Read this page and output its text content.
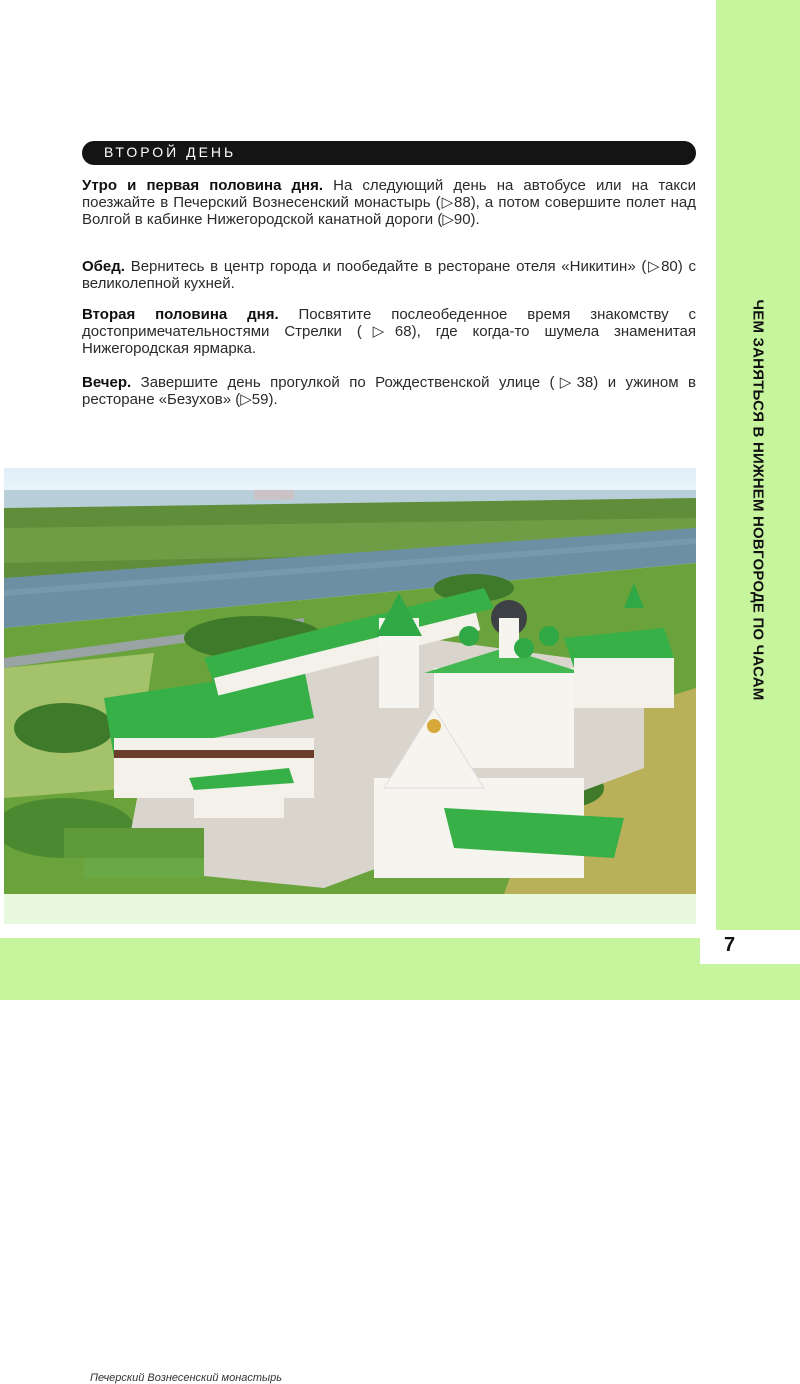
ЧЕМ ЗАНЯТЬСЯ В НИЖНЕМ НОВГОРОДЕ ПО ЧАСАМ
7
ВТОРОЙ ДЕНЬ
Утро и первая половина дня. На следующий день на автобусе или на такси поезжайте в Печерский Вознесенский монастырь (▷88), а потом совершите полет над Волгой в кабинке Нижегородской канатной дороги (▷90).
Обед. Вернитесь в центр города и пообедайте в ресторане отеля «Никитин» (▷80) с великолепной кухней.
Вторая половина дня. Посвятите послеобеденное время знакомству с достопримечательностями Стрелки (▷68), где когда-то шумела знаменитая Нижегородская ярмарка.
Вечер. Завершите день прогулкой по Рождественской улице (▷38) и ужином в ресторане «Безухов» (▷59).
Печерский Вознесенский монастырь
